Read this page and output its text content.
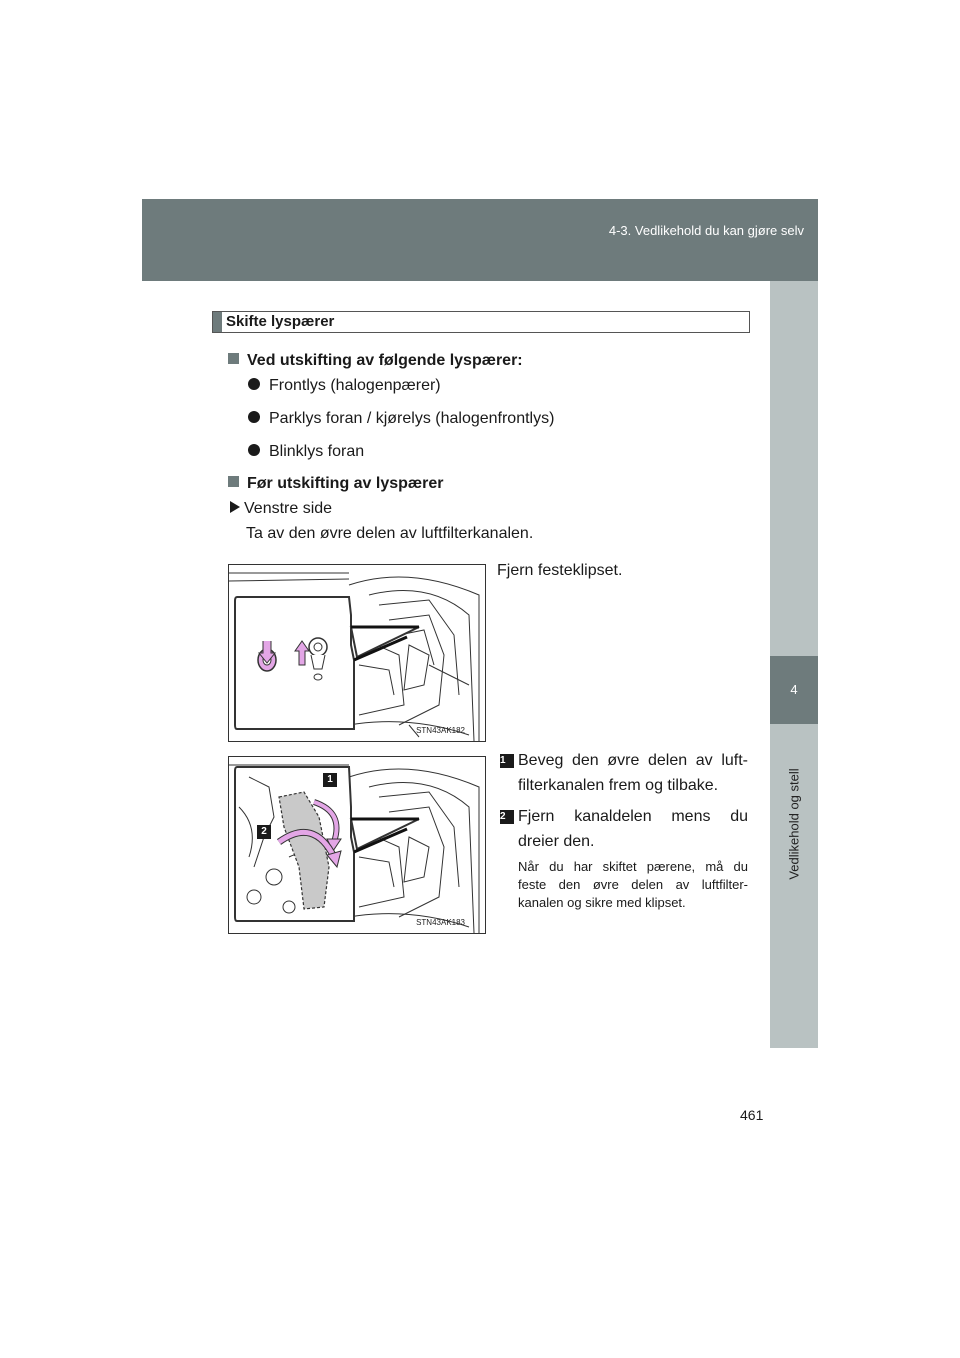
4-3. Vedlikehold du kan gjøre selv
4
Vedlikehold og stell
Skifte lyspærer
Ved utskifting av følgende lyspærer:
Frontlys (halogenpærer)
Parklys foran / kjørelys (halogenfrontlys)
Blinklys foran
Før utskifting av lyspærer
Venstre side
Ta av den øvre delen av luftfilterkanalen.
STN43AK182
Fjern festeklipset.
1
2
STN43AK183
1 Beveg den øvre delen av luft-
filterkanalen frem og tilbake.
2 Fjern kanaldelen mens du
dreier den.
Når du har skiftet pærene, må du
feste den øvre delen av luftfilter-
kanalen og sikre med klipset.
461
